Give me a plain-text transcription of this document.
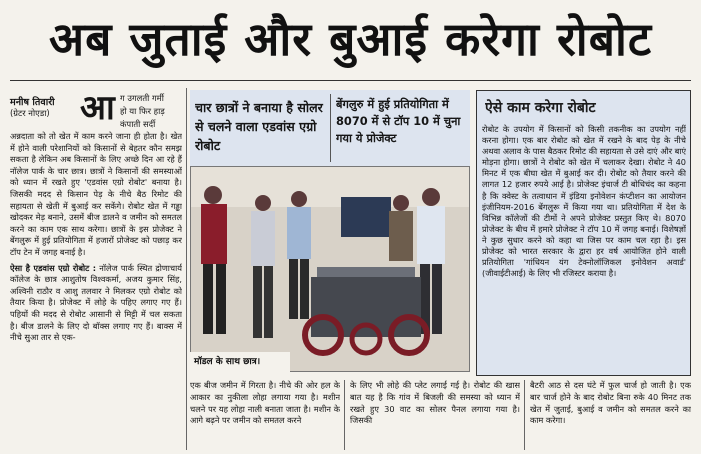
अब जुताई और बुआई करेगा रोबोट
मनीष तिवारी
(ग्रेटर नोएडा) आ ग उगलती गर्मी
हो या फिर हाड़
कंपाती सर्दी

अन्नदाता को तो खेत में काम करने जाना ही होता है। खेत में होने वाली परेशानियों को किसानों से बेहतर कौन समझ सकता है लेकिन अब किसानों के लिए अच्छे दिन आ रहे हैं नॉलेज पार्क के चार छात्र। छात्रों ने किसानों की समस्याओं को ध्यान में रखते हुए 'एडवांस एग्रो रोबोट' बनाया है। जिसकी मदद से किसान पेड़ के नीचे बैठ रिमोट की सहायता से खेती में बुआई कर सकेंगे। रोबोट खेत में गड्ढा खोदकर मेड़ बनाने, उसमें बीज डालने व जमीन को समतल करने का काम एक साथ करेगा। छात्रों के इस प्रोजेक्ट ने बेंगलुरू में हुई प्रतियोगिता में हजारों प्रोजेक्ट को पछाड़ कर टॉप टेन में जगह बनाई है।

ऐसा है एडवांस एग्रो रोबोट : नॉलेज पार्क स्थित द्रोणाचार्य कॉलेज के छात्र आशुतोष विश्वकर्मा, अजय कुमार सिंह, अश्विनी राठौर व आशु तलवार ने मिलकर एग्रो रोबोट को तैयार किया है। प्रोजेक्ट में लोहे के पहिए लगाए गए हैं। पहियों की मदद से रोबोट आसानी से मिट्टी में चल सकता है। बीज डालने के लिए दो बॉक्स लगाए गए हैं। बाक्स में नीचे सुआ तार से एक-

चार छात्रों ने बनाया है सोलर से चलने वाला एडवांस एग्रो रोबोट
बेंगलुरु में हुई प्रतियोगिता में 8070 में से टॉप 10 में चुना गया ये प्रोजेक्ट
मॉडल के साथ छात्र।
ऐसे काम करेगा रोबोट

रोबोट के उपयोग में किसानों को किसी तकनीक का उपयोग नहीं करना होगा। एक बार रोबोट को खेत में रखने के बाद पेड़ के नीचे अथवा अलाव के पास बैठकर रिमोट की सहायता से उसे दाएं और बाएं मोड़ना होगा। छात्रों ने रोबोट को खेत में चलाकर देखा। रोबोट ने 40 मिनट में एक बीघा खेत में बुआई कर दी। रोबोट को तैयार करने की लागत 12 हजार रुपये आई है। प्रोजेक्ट इंचार्ज टी बोधिचंद का कहना है कि क्वेस्ट के तत्वाधान में इंडिया इनोवेशन कंप्टीशन का आयोजन इंजीनियम-2016 बेंगलुरू में किया गया था। प्रतियोगिता में देश के विभिन्न कॉलेजों की टीमों ने अपने प्रोजेक्ट प्रस्तुत किए थे। 8070 प्रोजेक्ट के बीच में हमारे प्रोजेक्ट ने टॉप 10 में जगह बनाई। विशेषज्ञों ने कुछ सुधार करने को कहा था जिस पर काम चल रहा है। इस प्रोजेक्ट को भारत सरकार के द्वारा हर वर्ष आयोजित होने वाली प्रतियोगिता 'गांधियन यंग टेक्नोलॉजिकल इनोवेशन अवार्ड' (जीवाईटीआई) के लिए भी रजिस्टर कराया है।

एक बीज जमीन में गिरता है। नीचे की ओर हल के आकार का नुकीला लोहा लगाया गया है। मशीन चलने पर यह लोहा नाली बनाता जाता है। मशीन के आगे बढ़ने पर जमीन को समतल करने

के लिए भी लोहे की प्लेट लगाई गई है। रोबोट की खास बात यह है कि गांव में बिजली की समस्या को ध्यान में रखते हुए 30 वाट का सोलर पैनल लगाया गया है। जिसकी

बैटरी आठ से दस घंटे में फुल चार्ज हो जाती है। एक बार चार्ज होने के बाद रोबोट बिना रुके 40 मिनट तक खेत में जुताई, बुआई व जमीन को समतल करने का काम करेगा।
